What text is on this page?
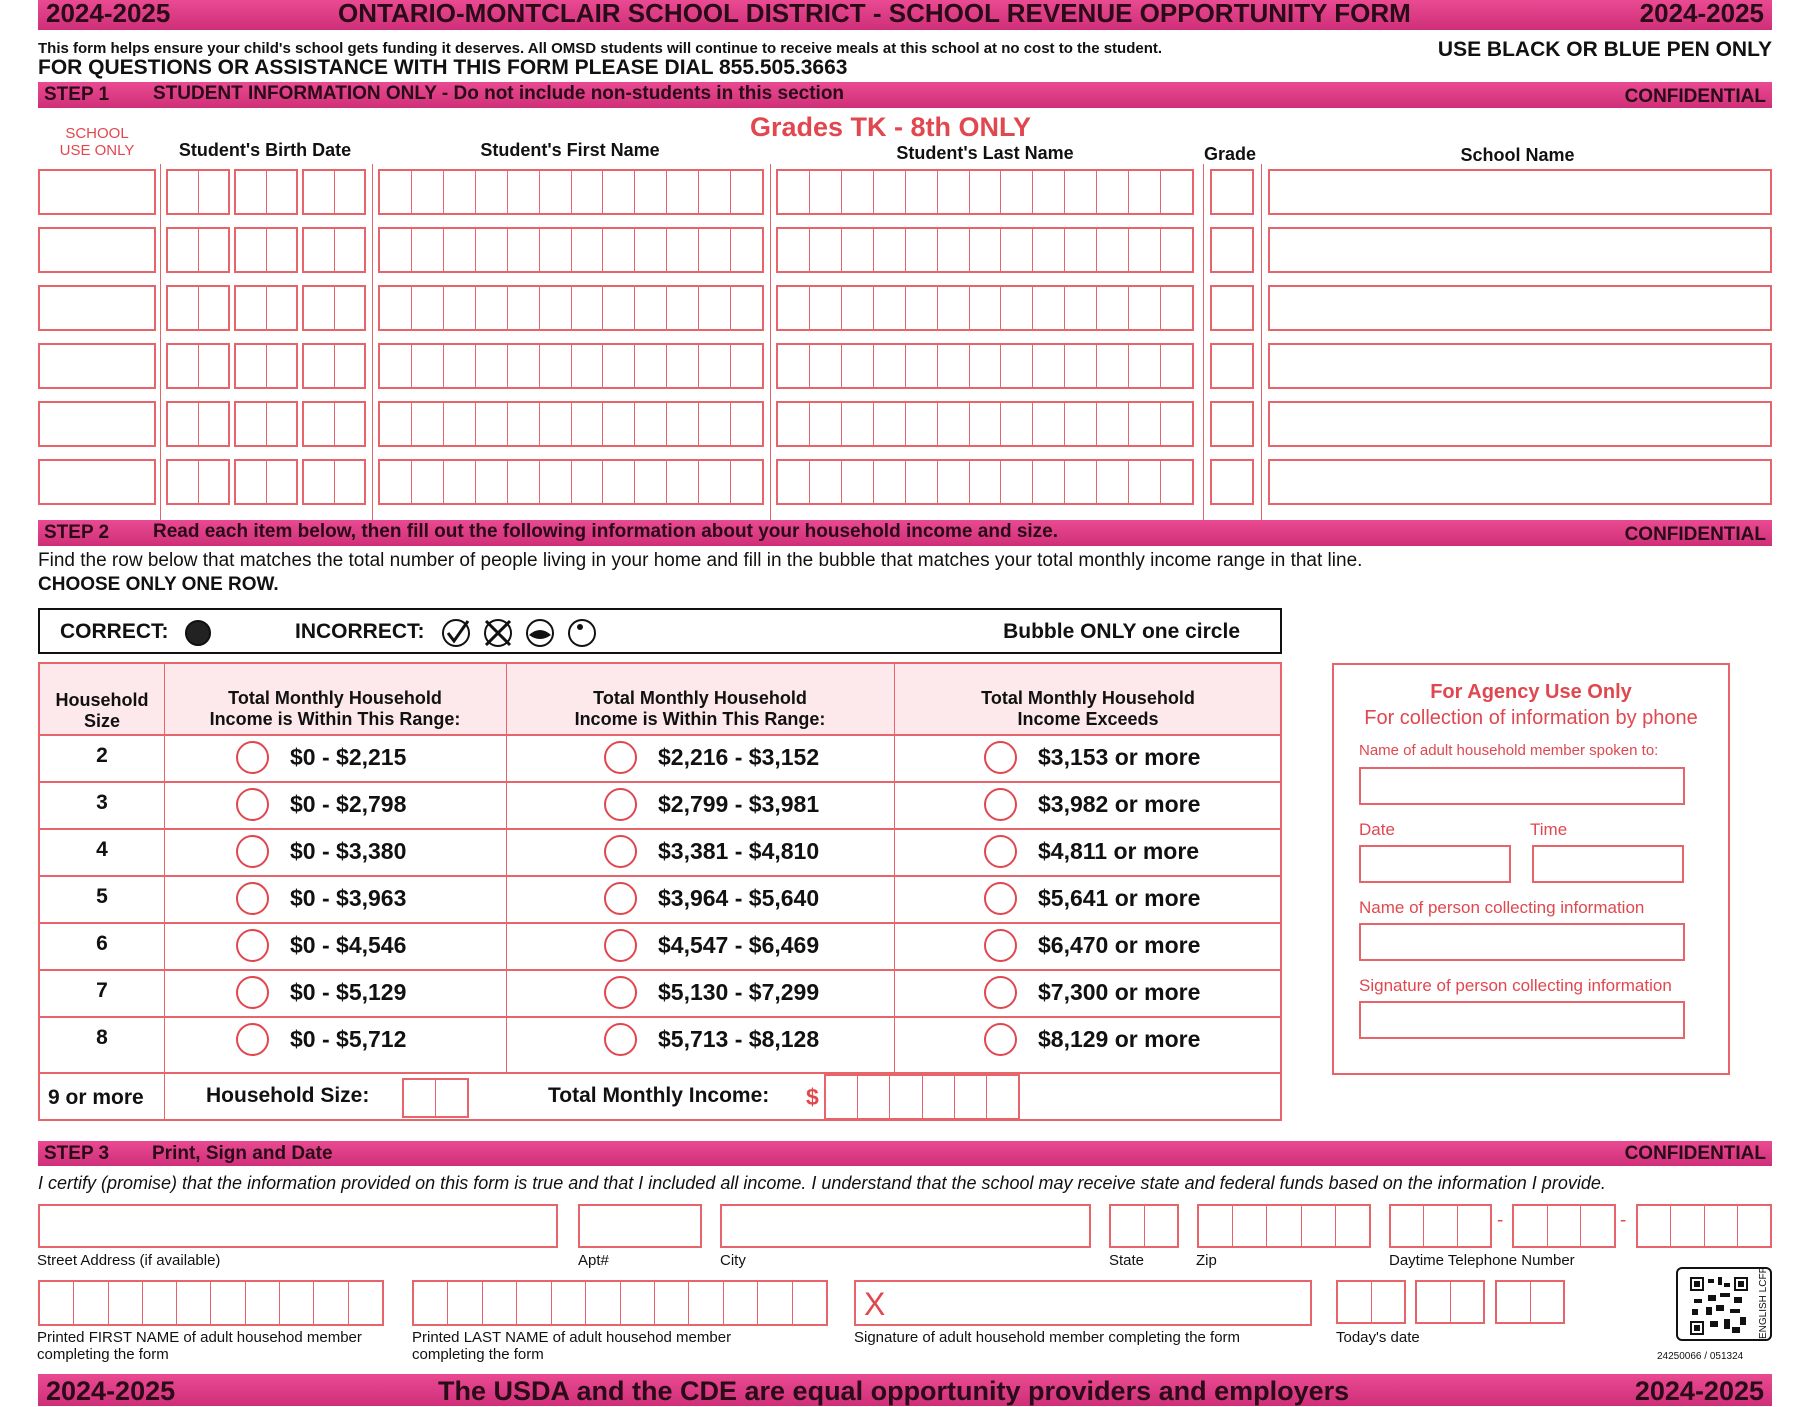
2024-2025	ONTARIO-MONTCLAIR SCHOOL DISTRICT - SCHOOL REVENUE OPPORTUNITY FORM	2024-2025
This form helps ensure your child's school gets funding it deserves. All OMSD students will continue to receive meals at this school at no cost to the student.
FOR QUESTIONS OR ASSISTANCE WITH THIS FORM PLEASE DIAL 855.505.3663
USE BLACK OR BLUE PEN ONLY
STEP 1 STUDENT INFORMATION ONLY - Do not include non-students in this section	CONFIDENTIAL
Grades TK - 8th ONLY
SCHOOL
USE ONLY	Student's Birth Date	Student's First Name	Student's Last Name	Grade	School Name
STEP 2 Read each item below, then fill out the following information about your household income and size.	CONFIDENTIAL
Find the row below that matches the total number of people living in your home and fill in the bubble that matches your total monthly income range in that line.
CHOOSE ONLY ONE ROW.
CORRECT:	INCORRECT:	Bubble ONLY one circle
Household
Size
Total Monthly Household
Income is Within This Range:
Total Monthly Household
Income is Within This Range:
Total Monthly Household
Income Exceeds
2	$0 - $2,215	$2,216 - $3,152	$3,153 or more
3	$0 - $2,798	$2,799 - $3,981	$3,982 or more
4	$0 - $3,380	$3,381 - $4,810	$4,811 or more
5	$0 - $3,963	$3,964 - $5,640	$5,641 or more
6	$0 - $4,546	$4,547 - $6,469	$6,470 or more
7	$0 - $5,129	$5,130 - $7,299	$7,300 or more
8	$0 - $5,712	$5,713 - $8,128	$8,129 or more
9 or more	Household Size:	Total Monthly Income: $
For Agency Use Only
For collection of information by phone
Name of adult household member spoken to:
Date	Time
Name of person collecting information
Signature of person collecting information
STEP 3 Print, Sign and Date	CONFIDENTIAL
I certify (promise) that the information provided on this form is true and that I included all income. I understand that the school may receive state and federal funds based on the information I provide.
-	-
Street Address (if available)	Apt#	City	State	Zip	Daytime Telephone Number
X
Printed FIRST NAME of adult househod member
completing the form
Printed LAST NAME of adult househod member
completing the form
Signature of adult household member completing the form	Today's date	ENGLISH LCFF
24250066 / 051324
2024-2025	The USDA and the CDE are equal opportunity providers and employers	2024-2025
